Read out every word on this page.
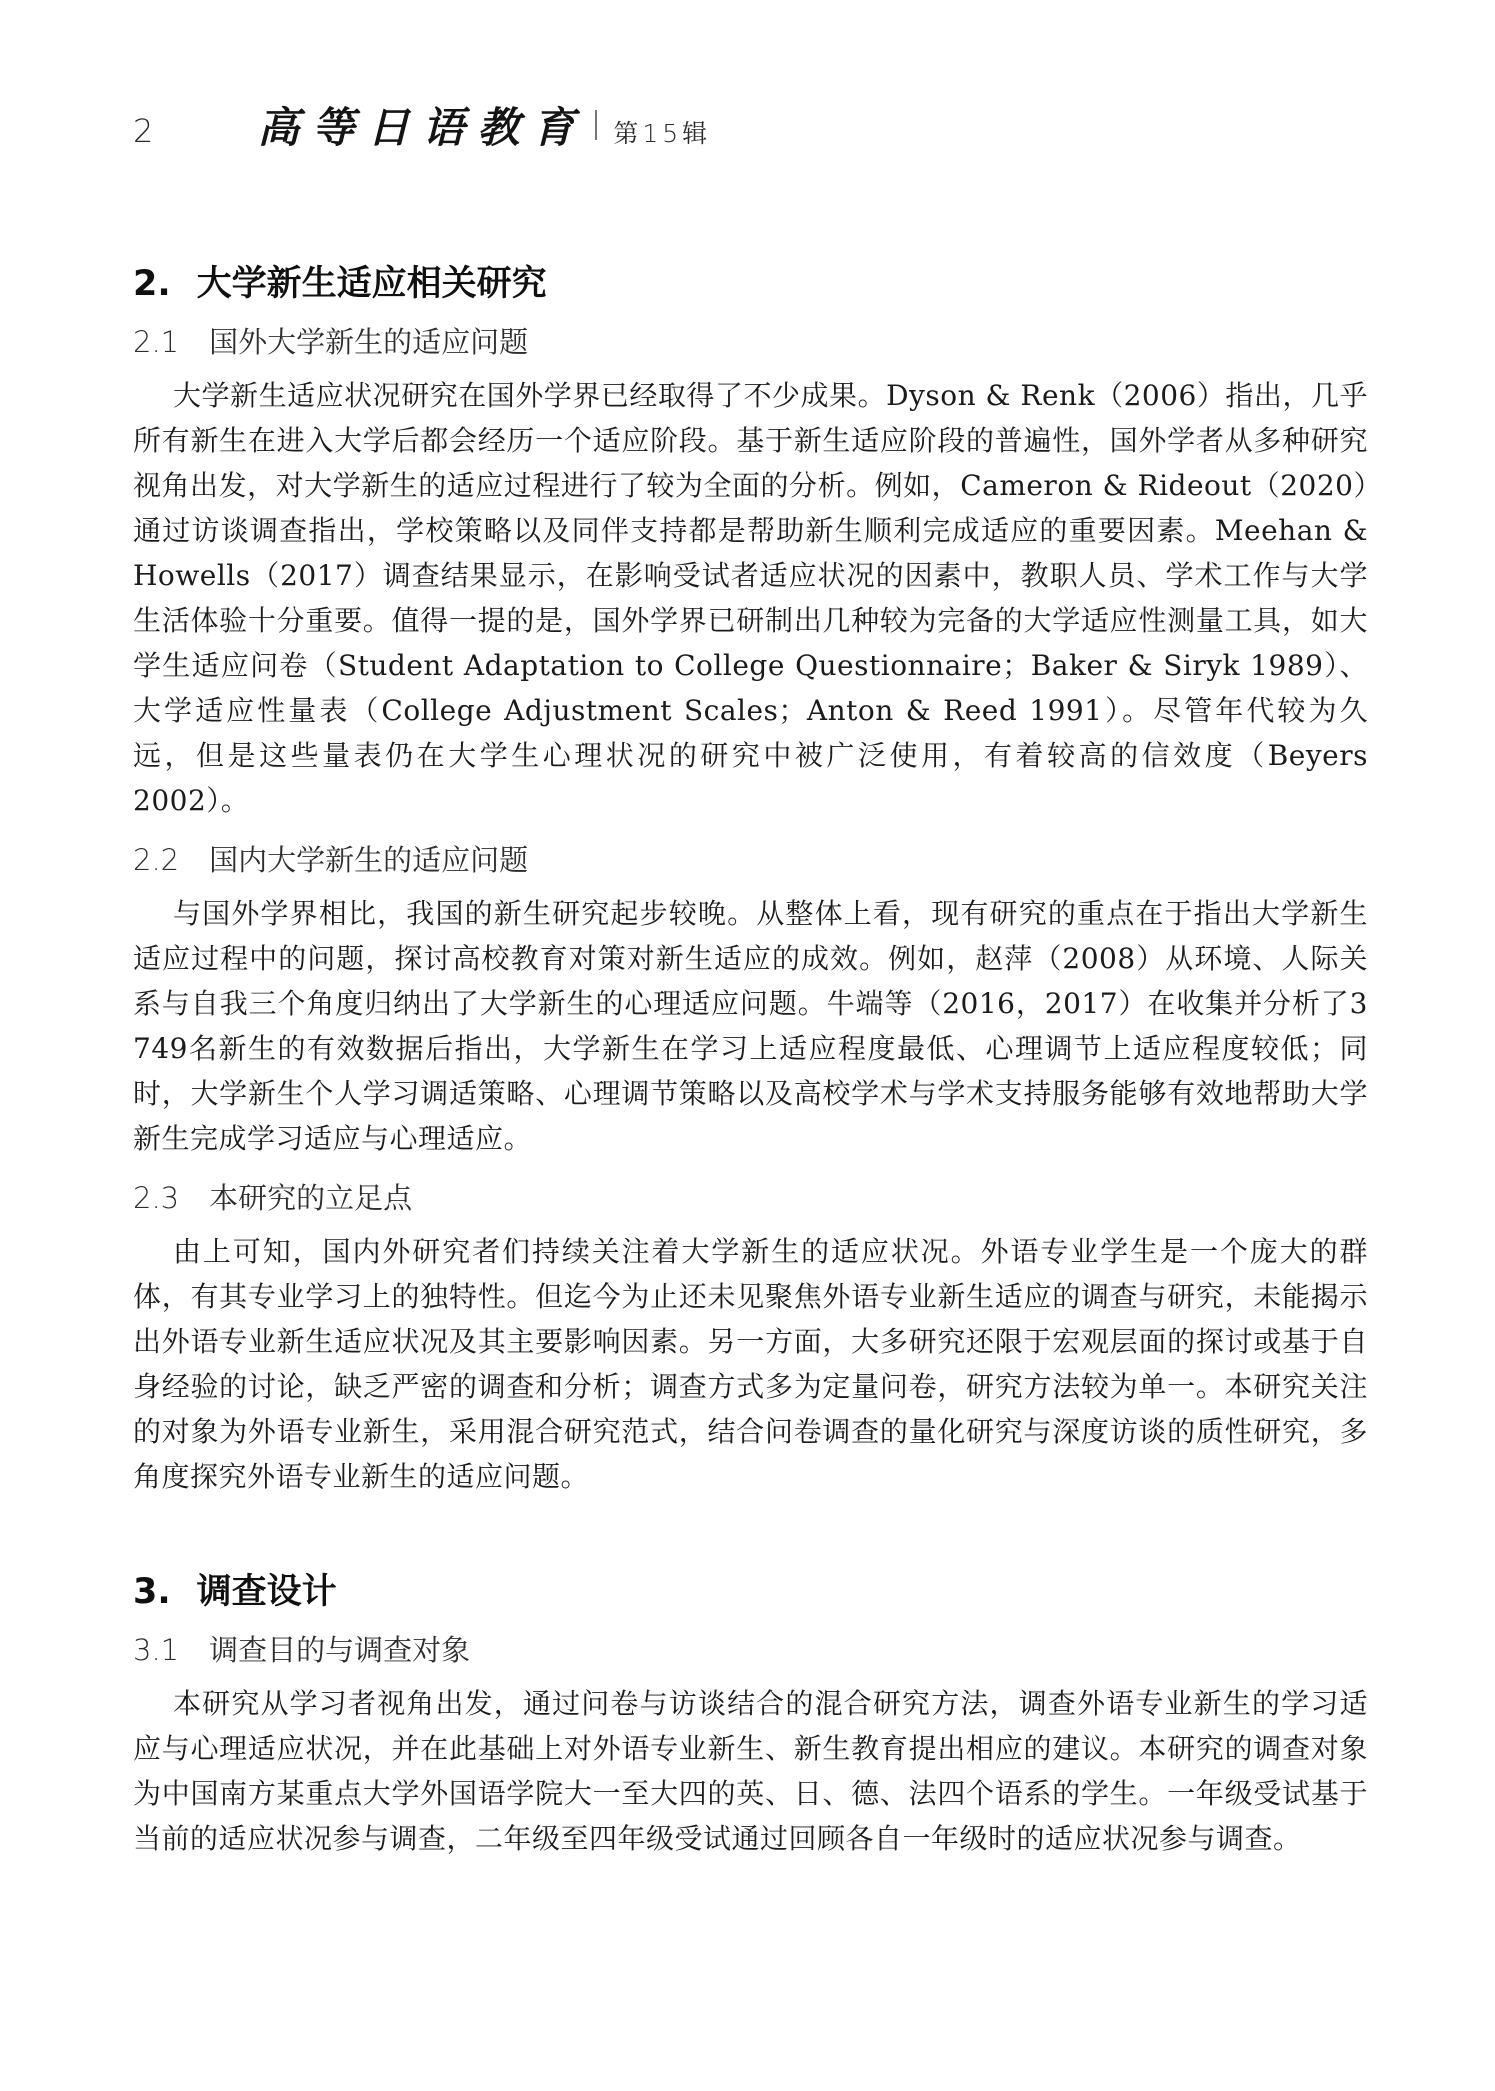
2 高等日语教育 第15辑
2. 大学新生适应相关研究
2.1 国外大学新生的适应问题

大学新生适应状况研究在国外学界已经取得了不少成果。Dyson & Renk（2006）指出，几乎所有新生在进入大学后都会经历一个适应阶段。基于新生适应阶段的普遍性，国外学者从多种研究视角出发，对大学新生的适应过程进行了较为全面的分析。例如，Cameron & Rideout（2020）通过访谈调查指出，学校策略以及同伴支持都是帮助新生顺利完成适应的重要因素。Meehan & Howells（2017）调查结果显示，在影响受试者适应状况的因素中，教职人员、学术工作与大学生活体验十分重要。值得一提的是，国外学界已研制出几种较为完备的大学适应性测量工具，如大学生适应问卷（Student Adaptation to College Questionnaire；Baker & Siryk 1989）、大学适应性量表（College Adjustment Scales；Anton & Reed 1991）。尽管年代较为久远，但是这些量表仍在大学生心理状况的研究中被广泛使用，有着较高的信效度（Beyers 2002）。

2.2 国内大学新生的适应问题

与国外学界相比，我国的新生研究起步较晚。从整体上看，现有研究的重点在于指出大学新生适应过程中的问题，探讨高校教育对策对新生适应的成效。例如，赵萍（2008）从环境、人际关系与自我三个角度归纳出了大学新生的心理适应问题。牛端等（2016，2017）在收集并分析了3 749名新生的有效数据后指出，大学新生在学习上适应程度最低、心理调节上适应程度较低；同时，大学新生个人学习调适策略、心理调节策略以及高校学术与学术支持服务能够有效地帮助大学新生完成学习适应与心理适应。

2.3 本研究的立足点

由上可知，国内外研究者们持续关注着大学新生的适应状况。外语专业学生是一个庞大的群体，有其专业学习上的独特性。但迄今为止还未见聚焦外语专业新生适应的调查与研究，未能揭示出外语专业新生适应状况及其主要影响因素。另一方面，大多研究还限于宏观层面的探讨或基于自身经验的讨论，缺乏严密的调查和分析；调查方式多为定量问卷，研究方法较为单一。本研究关注的对象为外语专业新生，采用混合研究范式，结合问卷调查的量化研究与深度访谈的质性研究，多角度探究外语专业新生的适应问题。

3. 调查设计
3.1 调查目的与调查对象

本研究从学习者视角出发，通过问卷与访谈结合的混合研究方法，调查外语专业新生的学习适应与心理适应状况，并在此基础上对外语专业新生、新生教育提出相应的建议。本研究的调查对象为中国南方某重点大学外国语学院大一至大四的英、日、德、法四个语系的学生。一年级受试基于当前的适应状况参与调查，二年级至四年级受试通过回顾各自一年级时的适应状况参与调查。
